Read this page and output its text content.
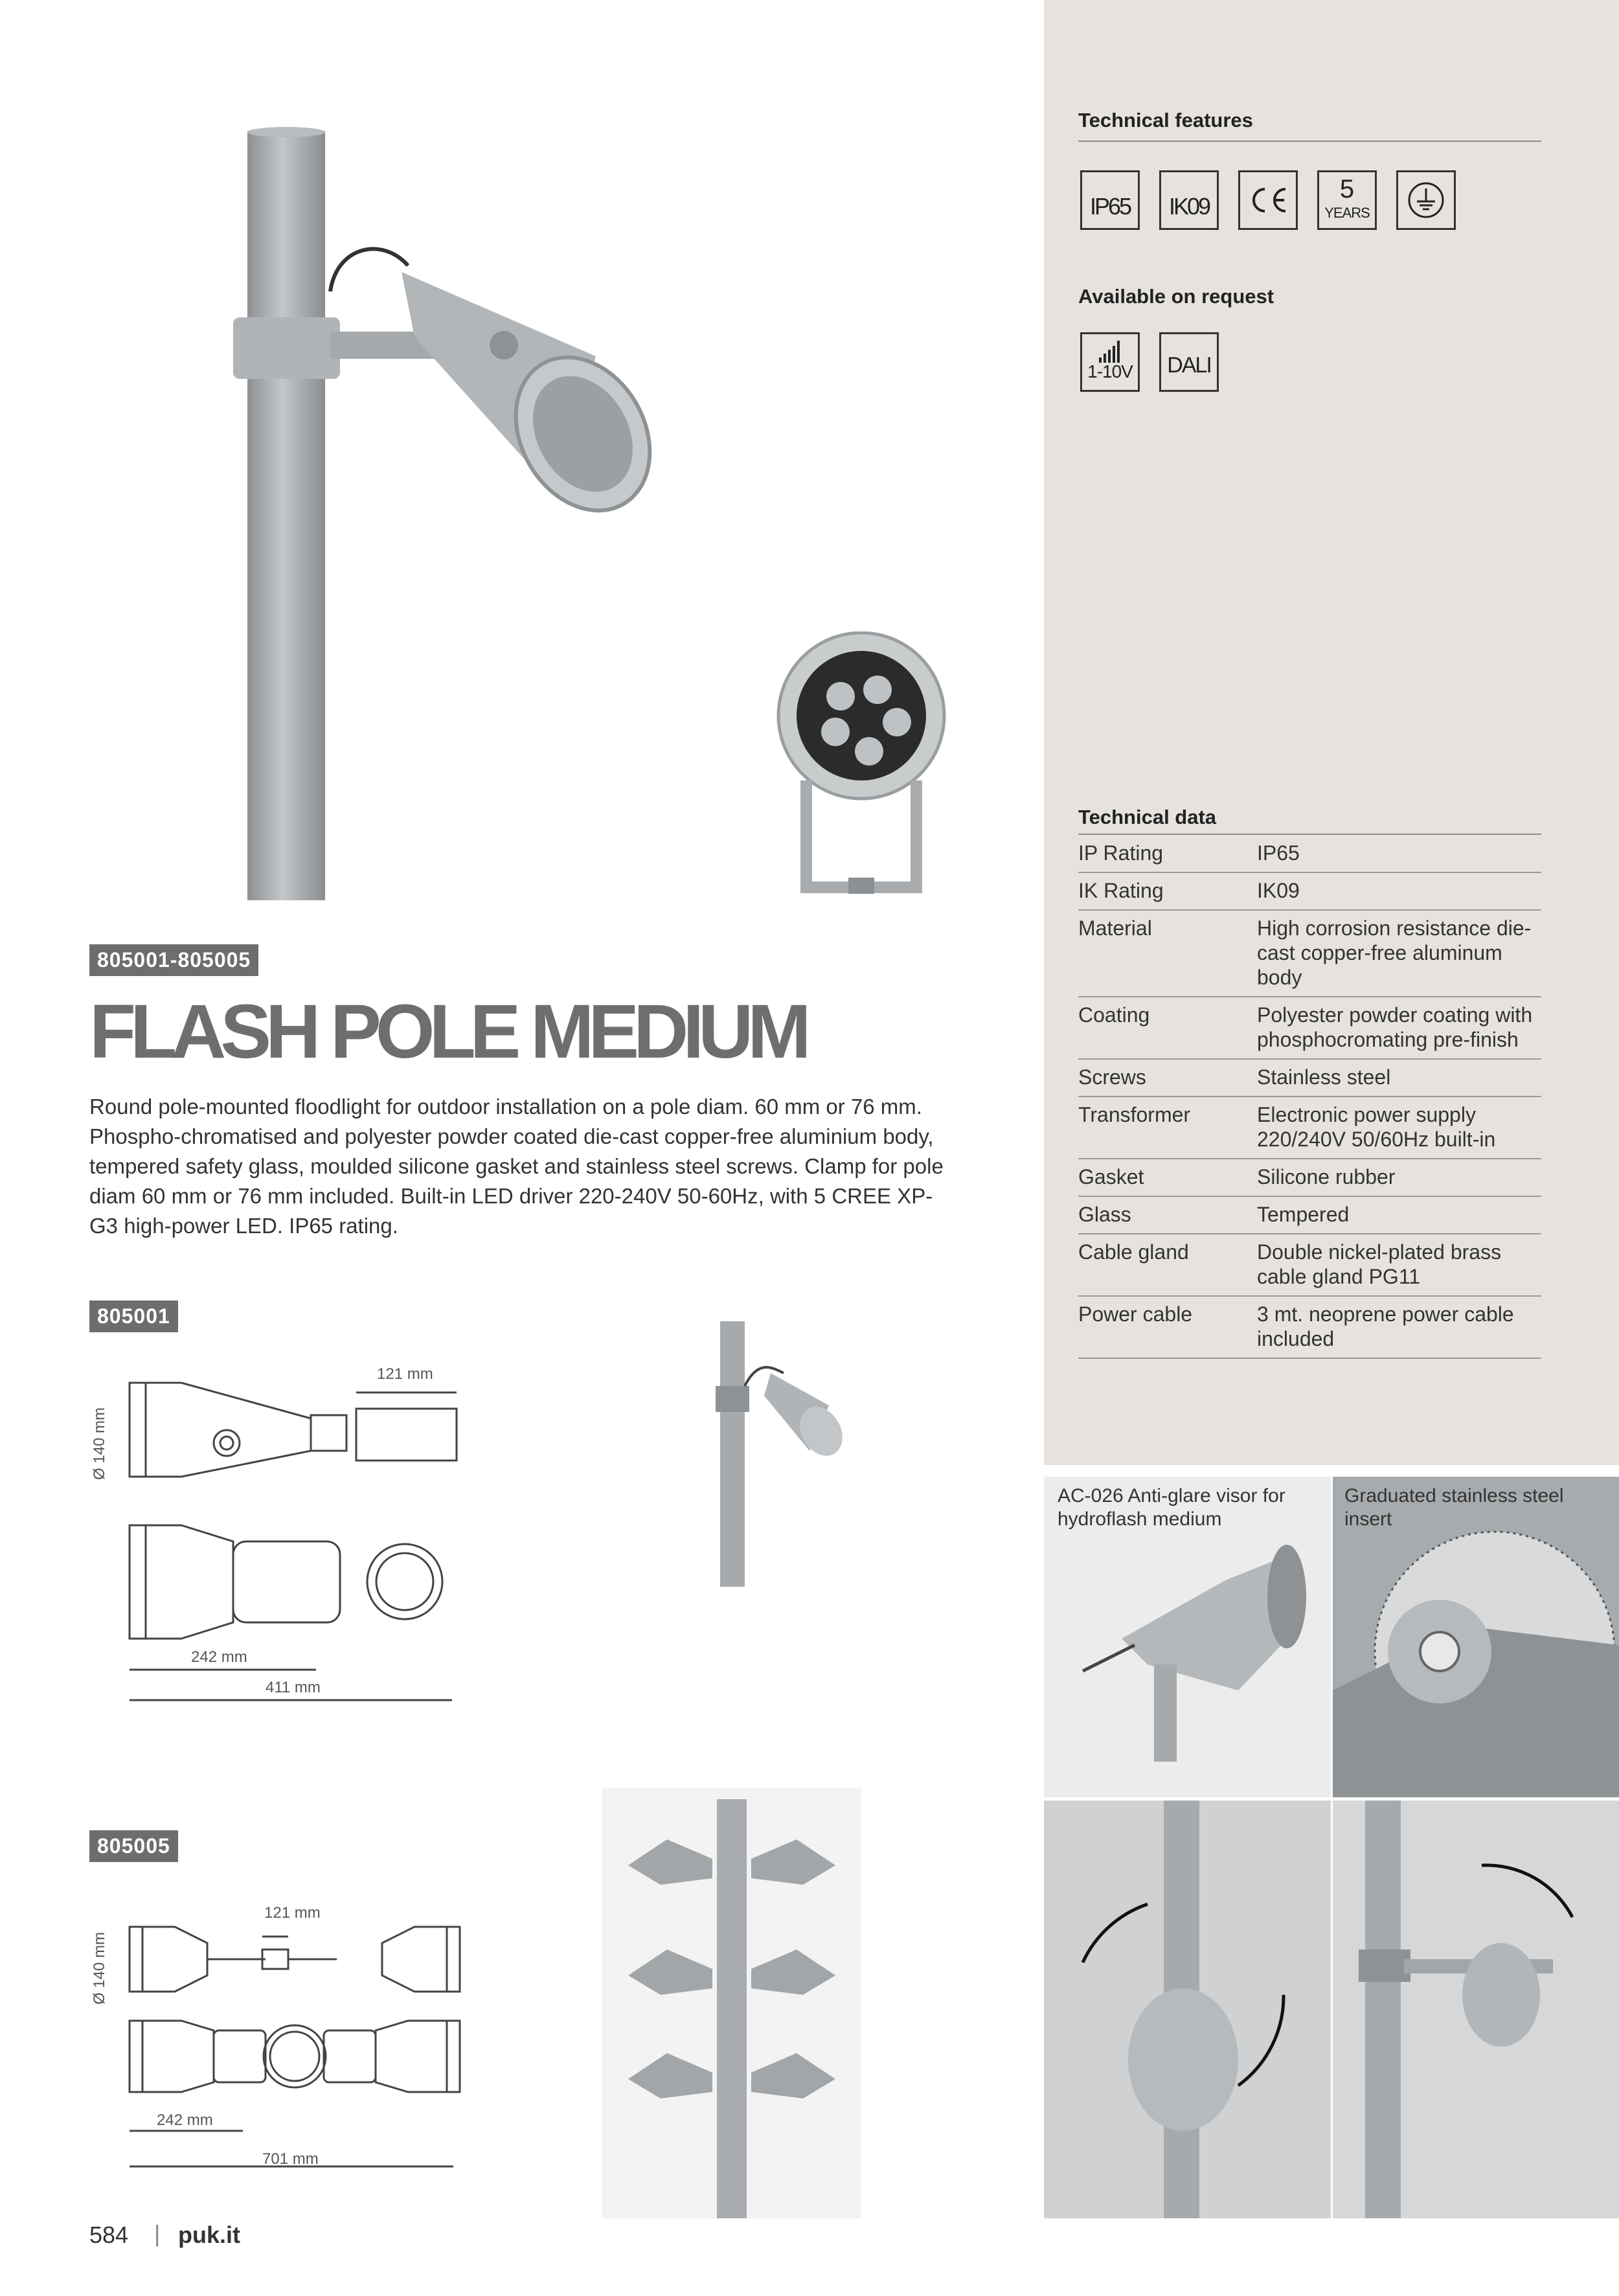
Technical features
IP65	IK09
5
YEARS
Available on request
1-10V DALI
Technical data
IP Rating	IP65
IK Rating	IK09
Material	High corrosion resistance die-cast copper-free aluminum body
Coating	Polyester powder coating with phosphocromating pre-finish
Screws	Stainless steel
Transformer	Electronic power supply 220/240V 50/60Hz built-in
Gasket	Silicone rubber
Glass	Tempered
Cable gland	Double nickel-plated brass cable gland PG11
Power cable	3 mt. neoprene power cable included
805001-805005
FLASH POLE MEDIUM
Round pole-mounted floodlight for outdoor installation on a pole diam. 60 mm or 76 mm. Phospho-chromatised and polyester powder coated die-cast copper-free aluminium body, tempered safety glass, moulded silicone gasket and stainless steel screws. Clamp for pole diam 60 mm or 76 mm included. Built-in LED driver 220-240V 50-60Hz, with 5 CREE XP-G3 high-power LED. IP65 rating.
805001
121 mm
Ø 140 mm
242 mm
411 mm
805005
121 mm
Ø 140 mm
242 mm
701 mm
AC-026 Anti-glare visor for hydroflash medium
Graduated stainless steel insert
584 | puk.it
